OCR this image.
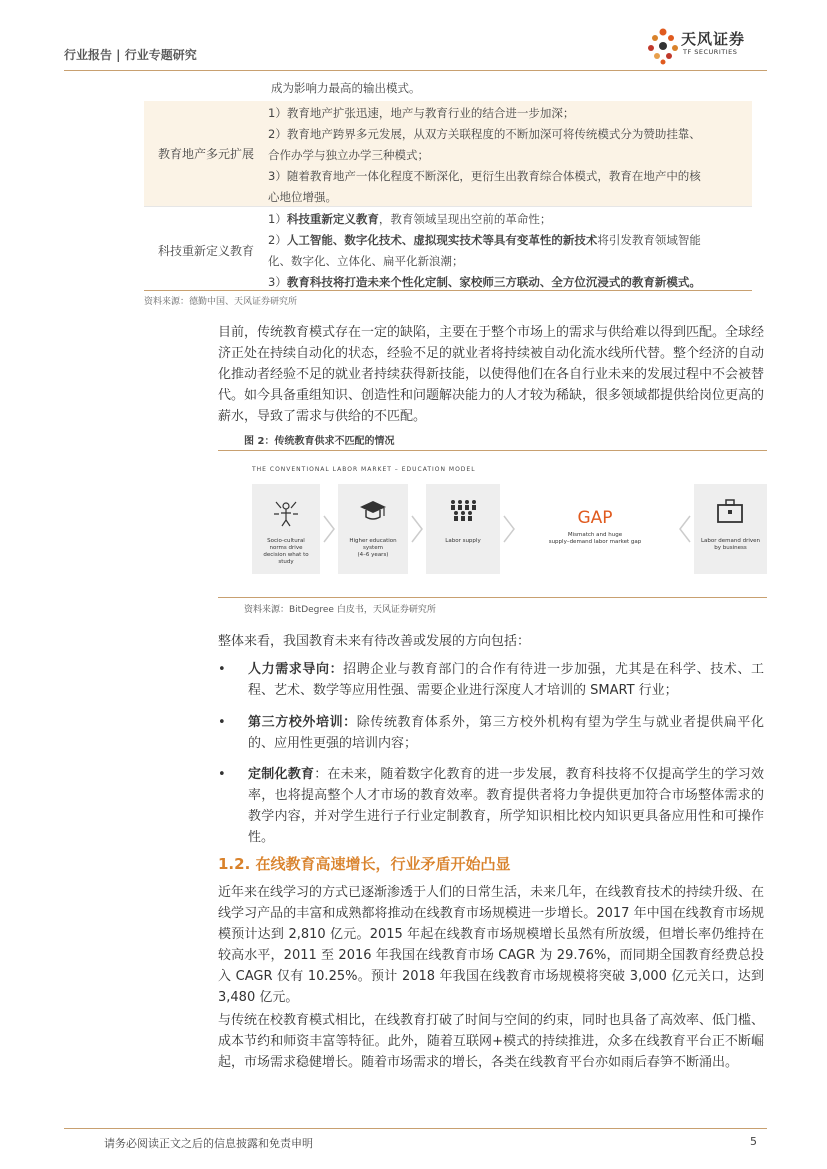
行业报告 | 行业专题研究
天风证券
TF SECURITIES
成为影响力最高的输出模式。
教育地产多元扩展
1）教育地产扩张迅速，地产与教育行业的结合进一步加深；
2）教育地产跨界多元发展，从双方关联程度的不断加深可将传统模式分为赞助挂靠、
合作办学与独立办学三种模式；
3）随着教育地产一体化程度不断深化，更衍生出教育综合体模式，教育在地产中的核
心地位增强。
科技重新定义教育
1）科技重新定义教育，教育领域呈现出空前的革命性；
2）人工智能、数字化技术、虚拟现实技术等具有变革性的新技术将引发教育领域智能
化、数字化、立体化、扁平化新浪潮；
3）教育科技将打造未来个性化定制、家校师三方联动、全方位沉浸式的教育新模式。
资料来源：德勤中国、天风证券研究所
目前，传统教育模式存在一定的缺陷，主要在于整个市场上的需求与供给难以得到匹配。全球经济正处在持续自动化的状态，经验不足的就业者将持续被自动化流水线所代替。整个经济的自动化推动者经验不足的就业者持续获得新技能，以使得他们在各自行业未来的发展过程中不会被替代。如今具备重组知识、创造性和问题解决能力的人才较为稀缺，很多领域都提供给岗位更高的薪水，导致了需求与供给的不匹配。
图 2：传统教育供求不匹配的情况
THE CONVENTIONAL LABOR MARKET – EDUCATION MODEL
Socio-cultural
norms drive
decision what to
study
Higher education
system
(4–6 years)
Labor supply
GAP
Mismatch and huge
supply–demand labor market gap	Labor demand driven
by business
资料来源：BitDegree 白皮书，天风证券研究所
整体来看，我国教育未来有待改善或发展的方向包括：
• 人力需求导向：招聘企业与教育部门的合作有待进一步加强，尤其是在科学、技术、工程、艺术、数学等应用性强、需要企业进行深度人才培训的 SMART 行业；
• 第三方校外培训：除传统教育体系外，第三方校外机构有望为学生与就业者提供扁平化的、应用性更强的培训内容；
• 定制化教育：在未来，随着数字化教育的进一步发展，教育科技将不仅提高学生的学习效率，也将提高整个人才市场的教育效率。教育提供者将力争提供更加符合市场整体需求的教学内容，并对学生进行子行业定制教育，所学知识相比校内知识更具备应用性和可操作性。
1.2. 在线教育高速增长，行业矛盾开始凸显
近年来在线学习的方式已逐渐渗透于人们的日常生活，未来几年，在线教育技术的持续升级、在线学习产品的丰富和成熟都将推动在线教育市场规模进一步增长。2017 年中国在线教育市场规模预计达到 2,810 亿元。2015 年起在线教育市场规模增长虽然有所放缓，但增长率仍维持在较高水平，2011 至 2016 年我国在线教育市场 CAGR 为 29.76%，而同期全国教育经费总投入 CAGR 仅有 10.25%。预计 2018 年我国在线教育市场规模将突破 3,000 亿元关口，达到 3,480 亿元。
与传统在校教育模式相比，在线教育打破了时间与空间的约束，同时也具备了高效率、低门槛、成本节约和师资丰富等特征。此外，随着互联网+模式的持续推进，众多在线教育平台正不断崛起，市场需求稳健增长。随着市场需求的增长，各类在线教育平台亦如雨后春笋不断涌出。
请务必阅读正文之后的信息披露和免责申明	5
